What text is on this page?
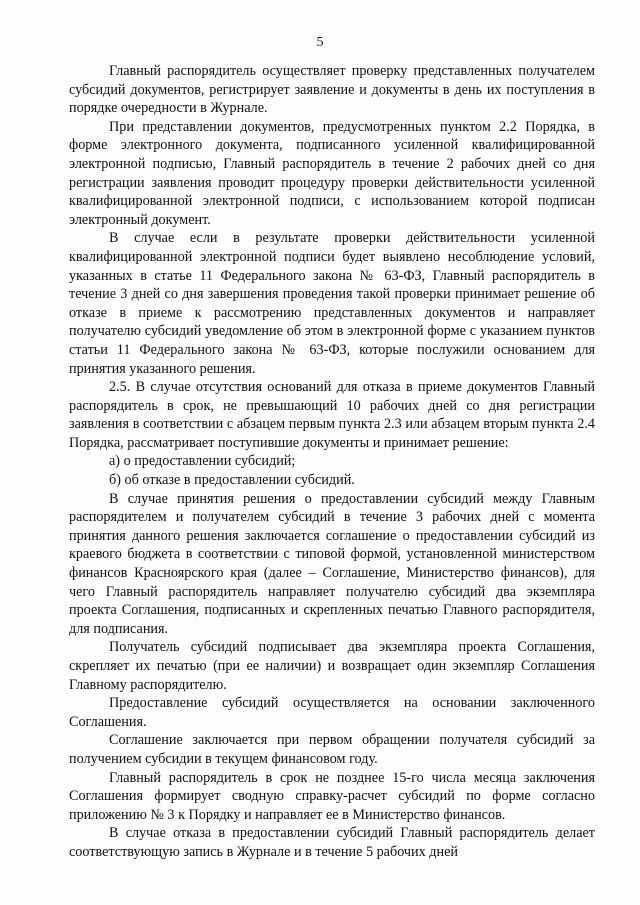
5

Главный распорядитель осуществляет проверку представленных получателем субсидий документов, регистрирует заявление и документы в день их поступления в порядке очередности в Журнале.

При представлении документов, предусмотренных пунктом 2.2 Порядка, в форме электронного документа, подписанного усиленной квалифицированной электронной подписью, Главный распорядитель в течение 2 рабочих дней со дня регистрации заявления проводит процедуру проверки действительности усиленной квалифицированной электронной подписи, с использованием которой подписан электронный документ.

В случае если в результате проверки действительности усиленной квалифицированной электронной подписи будет выявлено несоблюдение условий, указанных в статье 11 Федерального закона № 63-ФЗ, Главный распорядитель в течение 3 дней со дня завершения проведения такой проверки принимает решение об отказе в приеме к рассмотрению представленных документов и направляет получателю субсидий уведомление об этом в электронной форме с указанием пунктов статьи 11 Федерального закона № 63-ФЗ, которые послужили основанием для принятия указанного решения.

2.5. В случае отсутствия оснований для отказа в приеме документов Главный распорядитель в срок, не превышающий 10 рабочих дней со дня регистрации заявления в соответствии с абзацем первым пункта 2.3 или абзацем вторым пункта 2.4 Порядка, рассматривает поступившие документы и принимает решение:

а) о предоставлении субсидий;

б) об отказе в предоставлении субсидий.

В случае принятия решения о предоставлении субсидий между Главным распорядителем и получателем субсидий в течение 3 рабочих дней с момента принятия данного решения заключается соглашение о предоставлении субсидий из краевого бюджета в соответствии с типовой формой, установленной министерством финансов Красноярского края (далее – Соглашение, Министерство финансов), для чего Главный распорядитель направляет получателю субсидий два экземпляра проекта Соглашения, подписанных и скрепленных печатью Главного распорядителя, для подписания.

Получатель субсидий подписывает два экземпляра проекта Соглашения, скрепляет их печатью (при ее наличии) и возвращает один экземпляр Соглашения Главному распорядителю.

Предоставление субсидий осуществляется на основании заключенного Соглашения.

Соглашение заключается при первом обращении получателя субсидий за получением субсидии в текущем финансовом году.

Главный распорядитель в срок не позднее 15-го числа месяца заключения Соглашения формирует сводную справку-расчет субсидий по форме согласно приложению № 3 к Порядку и направляет ее в Министерство финансов.

В случае отказа в предоставлении субсидий Главный распорядитель делает соответствующую запись в Журнале и в течение 5 рабочих дней
